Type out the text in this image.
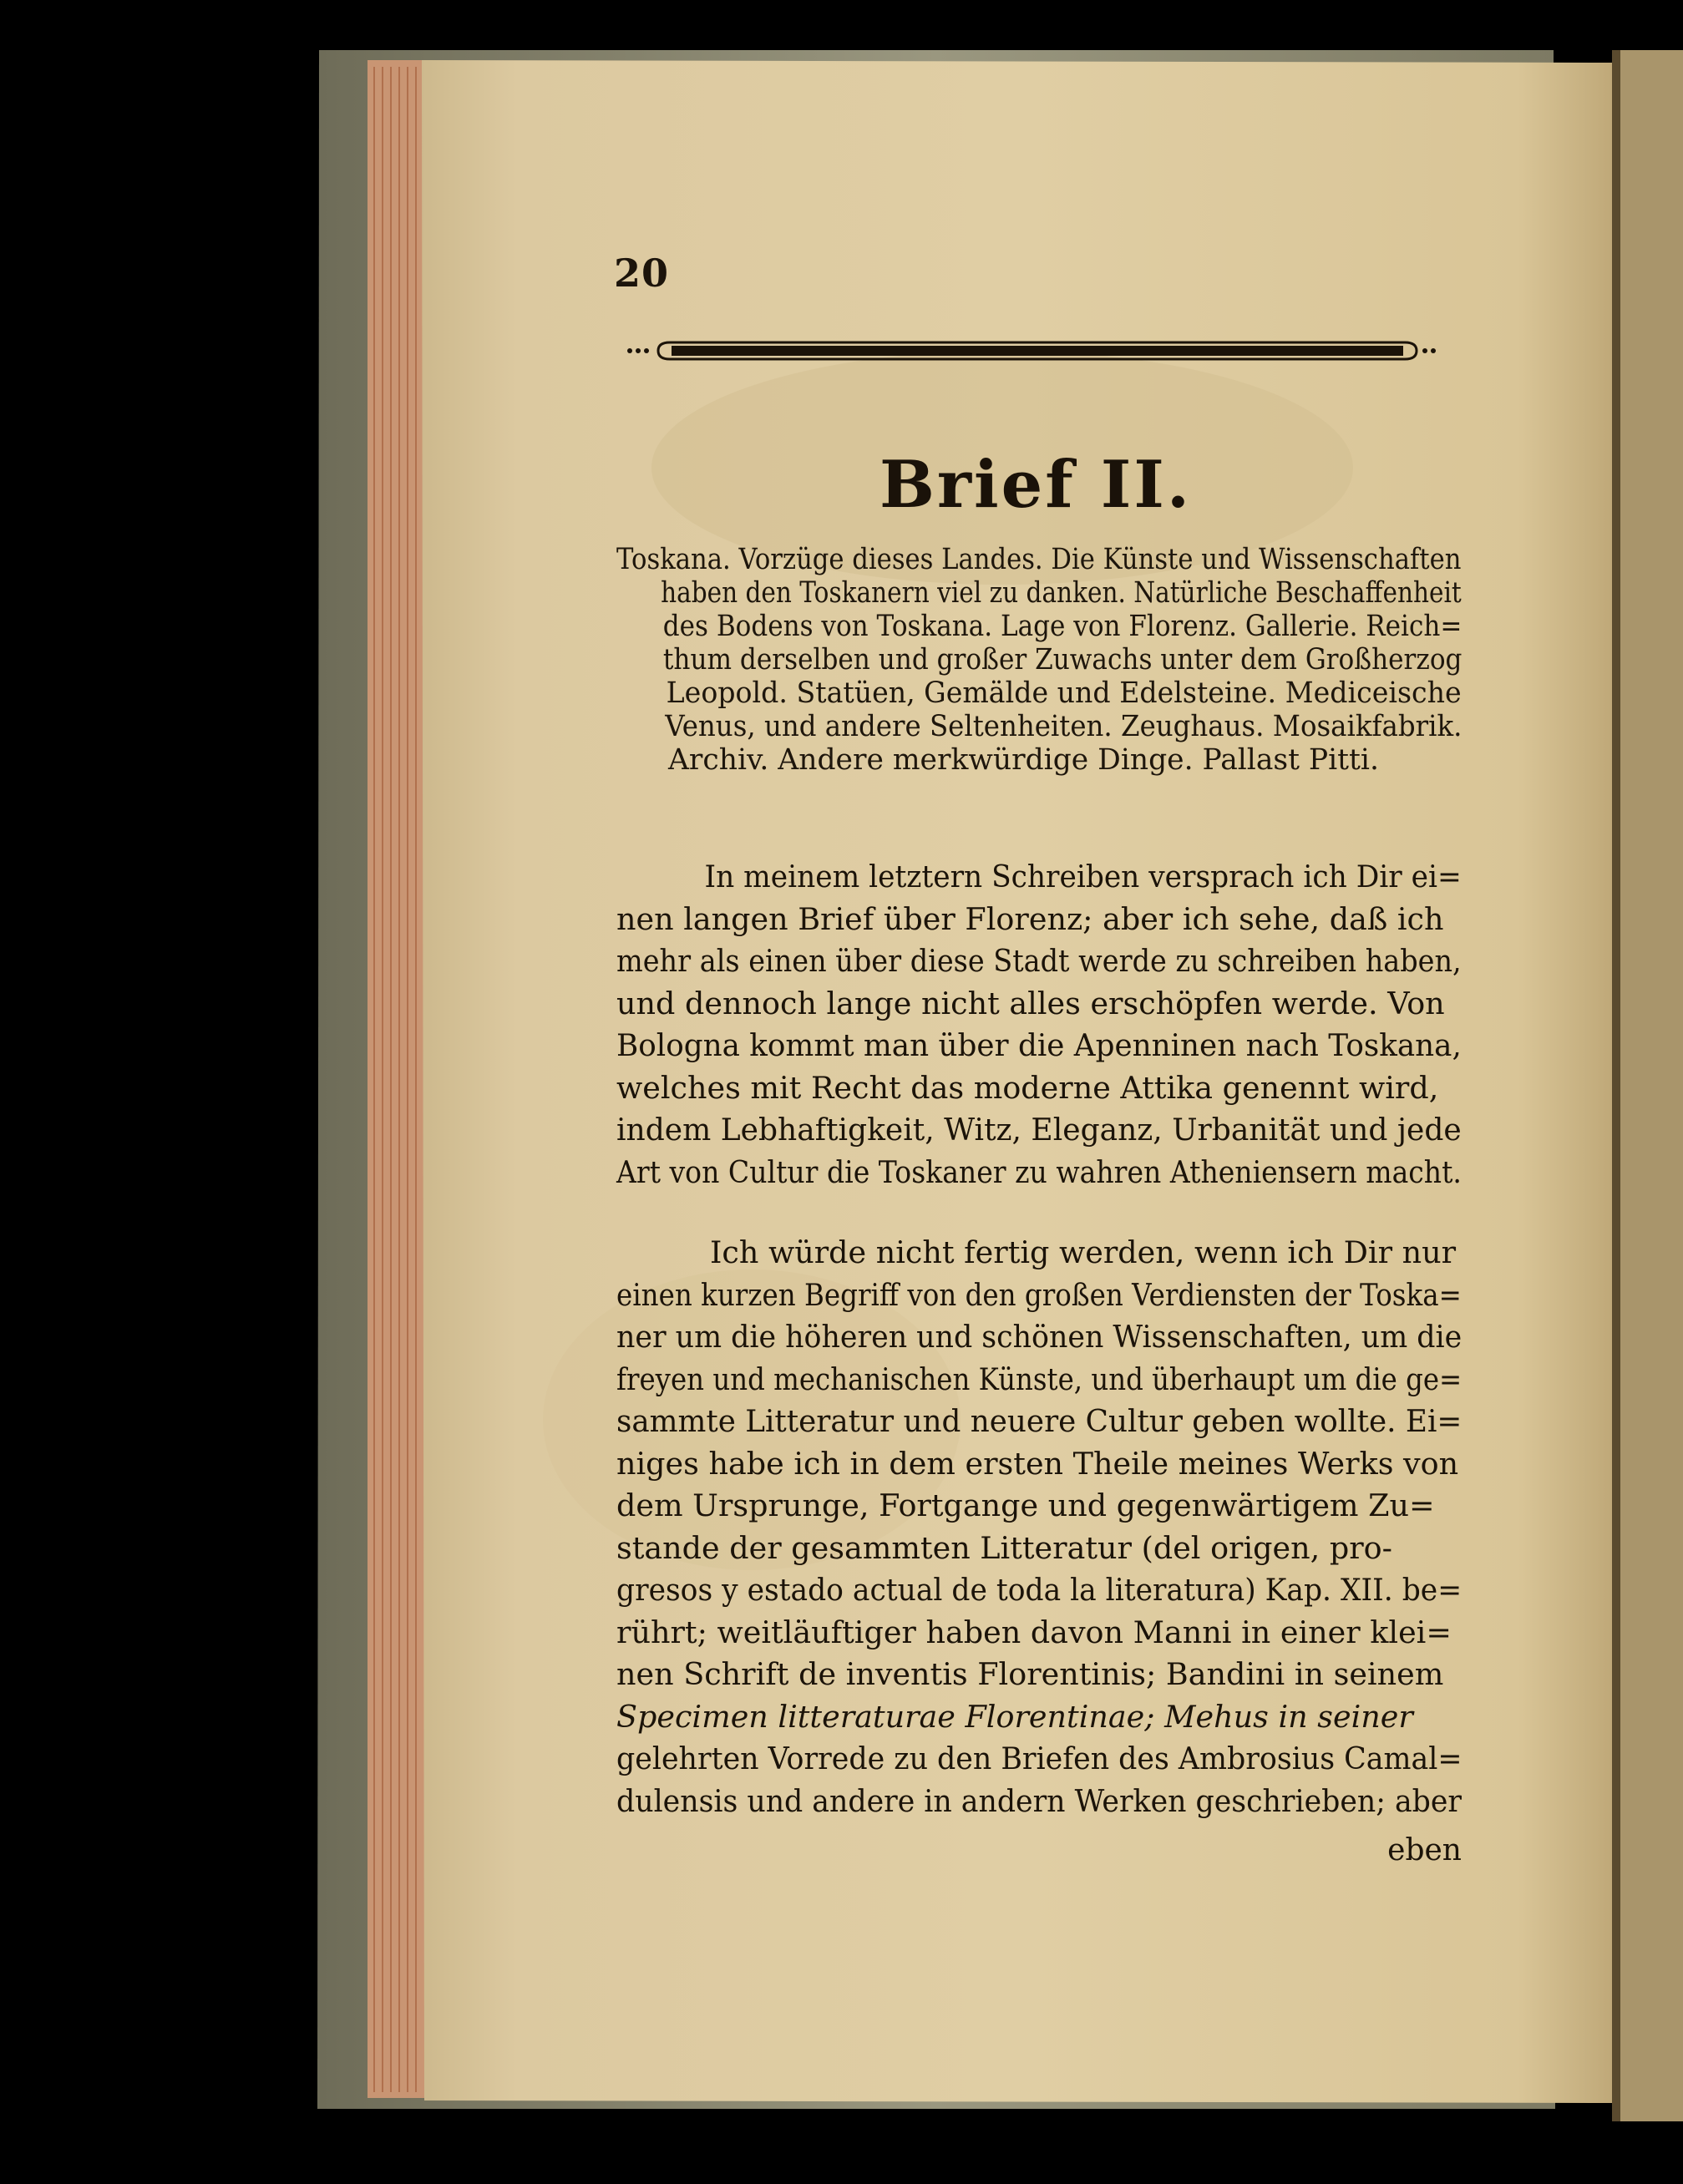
20
Brief II.
Toskana. Vorzüge dieses Landes. Die Künste und Wissenschaften
haben den Toskanern viel zu danken. Natürliche Beschaffenheit
des Bodens von Toskana. Lage von Florenz. Gallerie. Reich=
thum derselben und großer Zuwachs unter dem Großherzog
Leopold. Statüen, Gemälde und Edelsteine. Mediceische
Venus, und andere Seltenheiten. Zeughaus. Mosaikfabrik.
Archiv. Andere merkwürdige Dinge. Pallast Pitti.
In meinem letztern Schreiben versprach ich Dir ei=
nen langen Brief über Florenz; aber ich sehe, daß ich
mehr als einen über diese Stadt werde zu schreiben haben,
und dennoch lange nicht alles erschöpfen werde. Von
Bologna kommt man über die Apenninen nach Toskana,
welches mit Recht das moderne Attika genennt wird,
indem Lebhaftigkeit, Witz, Eleganz, Urbanität und jede
Art von Cultur die Toskaner zu wahren Atheniensern macht.
Ich würde nicht fertig werden, wenn ich Dir nur
einen kurzen Begriff von den großen Verdiensten der Toska=
ner um die höheren und schönen Wissenschaften, um die
freyen und mechanischen Künste, und überhaupt um die ge=
sammte Litteratur und neuere Cultur geben wollte. Ei=
niges habe ich in dem ersten Theile meines Werks von
dem Ursprunge, Fortgange und gegenwärtigem Zu=
stande der gesammten Litteratur (del origen, pro-
gresos y estado actual de toda la literatura) Kap. XII. be=
rührt; weitläuftiger haben davon Manni in einer klei=
nen Schrift de inventis Florentinis; Bandini in seinem
Specimen litteraturae Florentinae; Mehus in seiner
gelehrten Vorrede zu den Briefen des Ambrosius Camal=
dulensis und andere in andern Werken geschrieben; aber
eben
